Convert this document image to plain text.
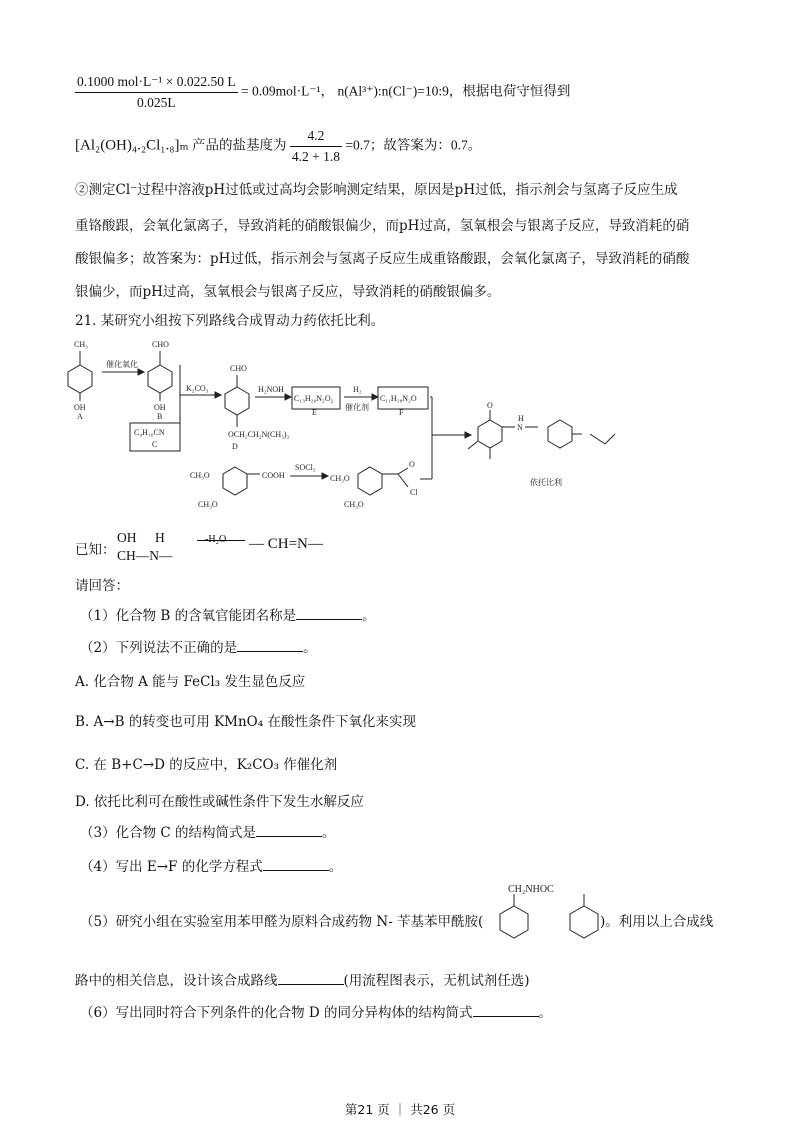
$\frac{\text{0.1000 mol·L⁻¹ × 0.022.50 L}}{0.025L} = 0.09mol\cdot L^{-1}$， n(Al³⁺):n(Cl⁻)=10:9，根据电荷守恒得到
[Al₂(OH)₄.₂Cl₁.₈]ₘ 产品的盐基度为 $\frac{4.2}{4.2 + 1.8} =0.7$；故答案为：0.7。
②测定Cl⁻过程中溶液pH过低或过高均会影响测定结果，原因是pH过低，指示剂会与氢离子反应生成
重铬酸跟，会氧化氯离子，导致消耗的硝酸银偏少，而pH过高，氢氧根会与银离子反应，导致消耗的硝
酸银偏多；故答案为：pH过低，指示剂会与氢离子反应生成重铬酸跟，会氧化氯离子，导致消耗的硝酸
银偏少，而pH过高，氢氧根会与银离子反应，导致消耗的硝酸银偏多。
21. 某研究小组按下列路线合成胃动力药依托比利。
CH₃
OH
A
催化氧化
CHO
OH
B
K₂CO₃
C₄H₁₀CN
C
CHO
OCH₂CH₂N(CH₃)₂
D
H₂NOH
C₁₃H₂₀N₂O₂
E
H₂
催化剂
C₁₁H₁₈N₂O
F
CH₃O
CH₃O
COOH
SOCl₂
CH₃O
CH₃O
O
Cl
O
N
H
依托比利
已知：
OH H
CH—N—
-H₂O — CH=N—
请回答：
（1）化合物 B 的含氧官能团名称是	。
（2）下列说法不正确的是	。
A. 化合物 A 能与 FeCl₃ 发生显色反应
B. A→B 的转变也可用 KMnO₄ 在酸性条件下氧化来实现
C. 在 B+C→D 的反应中，K₂CO₃ 作催化剂
D. 依托比利可在酸性或碱性条件下发生水解反应
（3）化合物 C 的结构简式是	。
（4）写出 E→F 的化学方程式	。
（5）研究小组在实验室用苯甲醛为原料合成药物 N- 苄基苯甲酰胺(
CH₂NHOC
)。利用以上合成线
路中的相关信息，设计该合成路线	(用流程图表示，无机试剂任选)
（6）写出同时符合下列条件的化合物 D 的同分异构体的结构简式	。
第21 页 ｜ 共26 页
